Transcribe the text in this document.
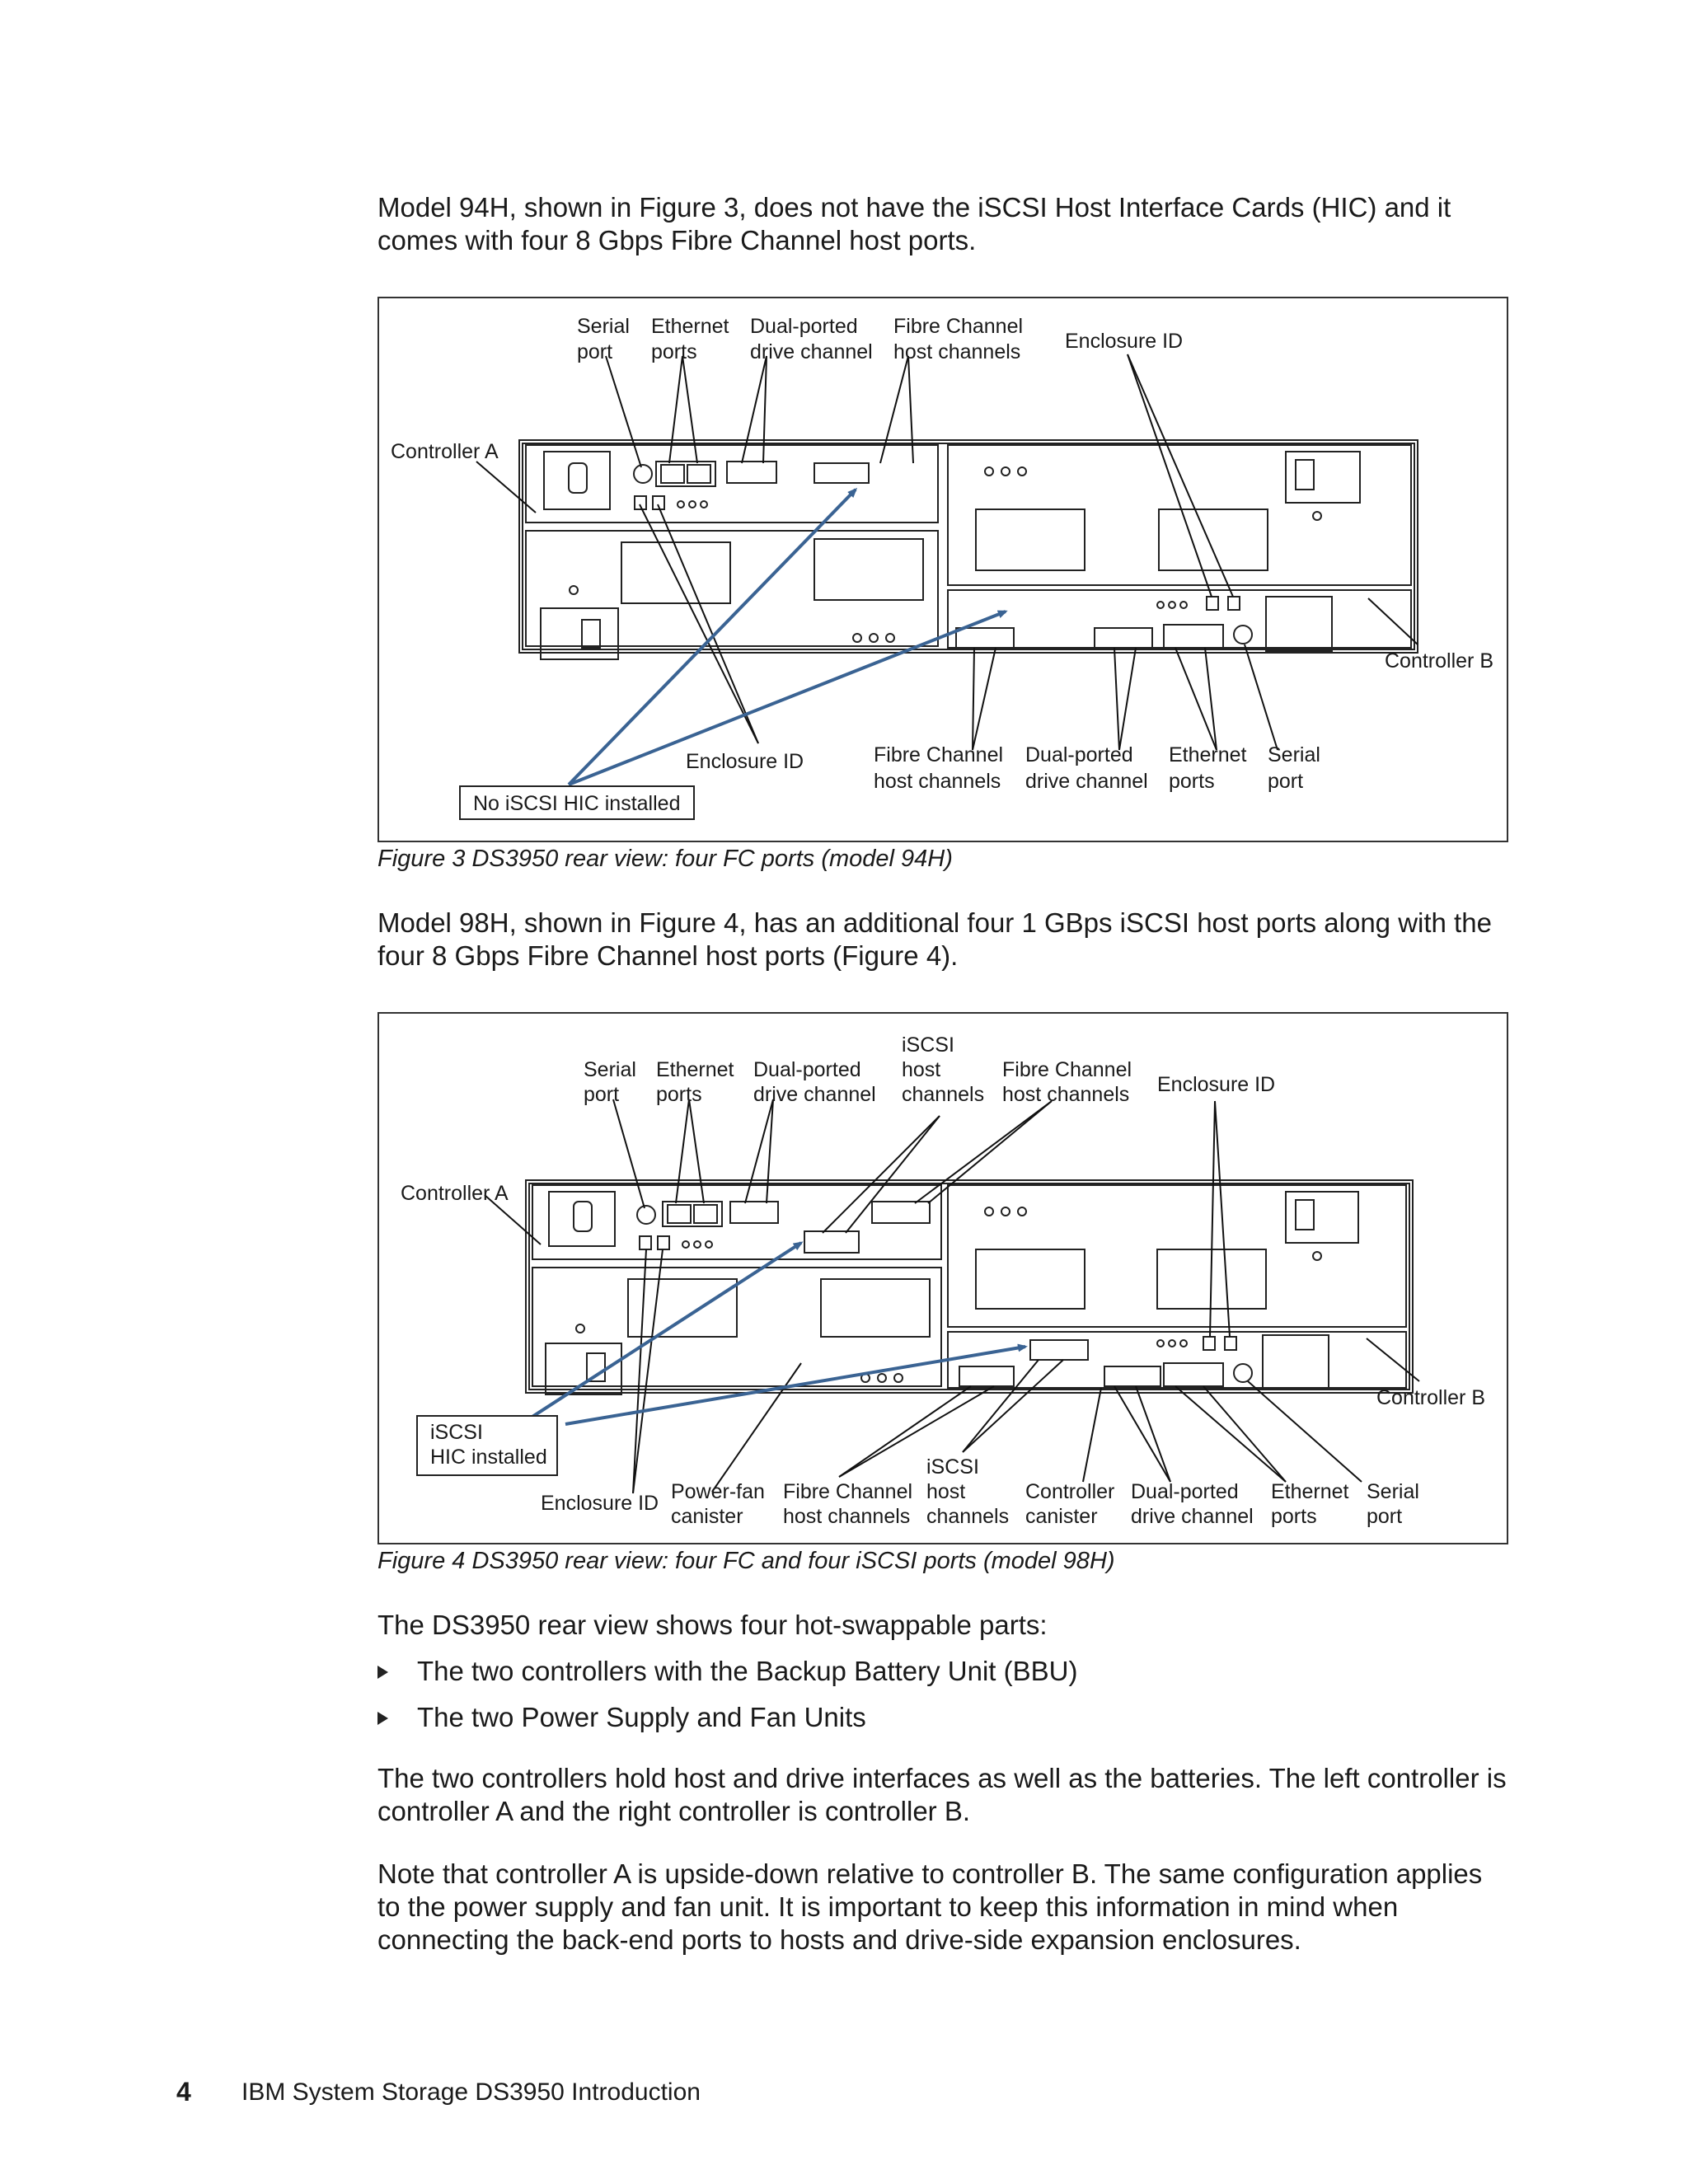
Model 94H, shown in Figure 3, does not have the iSCSI Host Interface Cards (HIC) and it
comes with four 8 Gbps Fibre Channel host ports.

Serial
port
Ethernet
ports
Dual-ported
drive channel
Fibre Channel
host channels Enclosure ID
Controller A
Controller B
Enclosure ID
No iSCSI HIC installed
Fibre Channel
host channels
Dual-ported
drive channel
Ethernet
ports
Serial
port

Figure 3 DS3950 rear view: four FC ports (model 94H)

Model 98H, shown in Figure 4, has an additional four 1 GBps iSCSI host ports along with the
four 8 Gbps Fibre Channel host ports (Figure 4).

Serial
port
Ethernet
ports
Dual-ported
drive channel
iSCSI
host
channels
Fibre Channel
host channels Enclosure ID
Controller A
Controller B
iSCSI
HIC installed
Enclosure ID Power-fan
canister
Fibre Channel
host channels
iSCSI
host
channels
Controller
canister
Dual-ported
drive channel
Ethernet
ports
Serial
port

Figure 4 DS3950 rear view: four FC and four iSCSI ports (model 98H)

The DS3950 rear view shows four hot-swappable parts:

The two controllers with the Backup Battery Unit (BBU)
The two Power Supply and Fan Units

The two controllers hold host and drive interfaces as well as the batteries. The left controller is
controller A and the right controller is controller B.

Note that controller A is upside-down relative to controller B. The same configuration applies
to the power supply and fan unit. It is important to keep this information in mind when
connecting the back-end ports to hosts and drive-side expansion enclosures.

4 IBM System Storage DS3950 Introduction
